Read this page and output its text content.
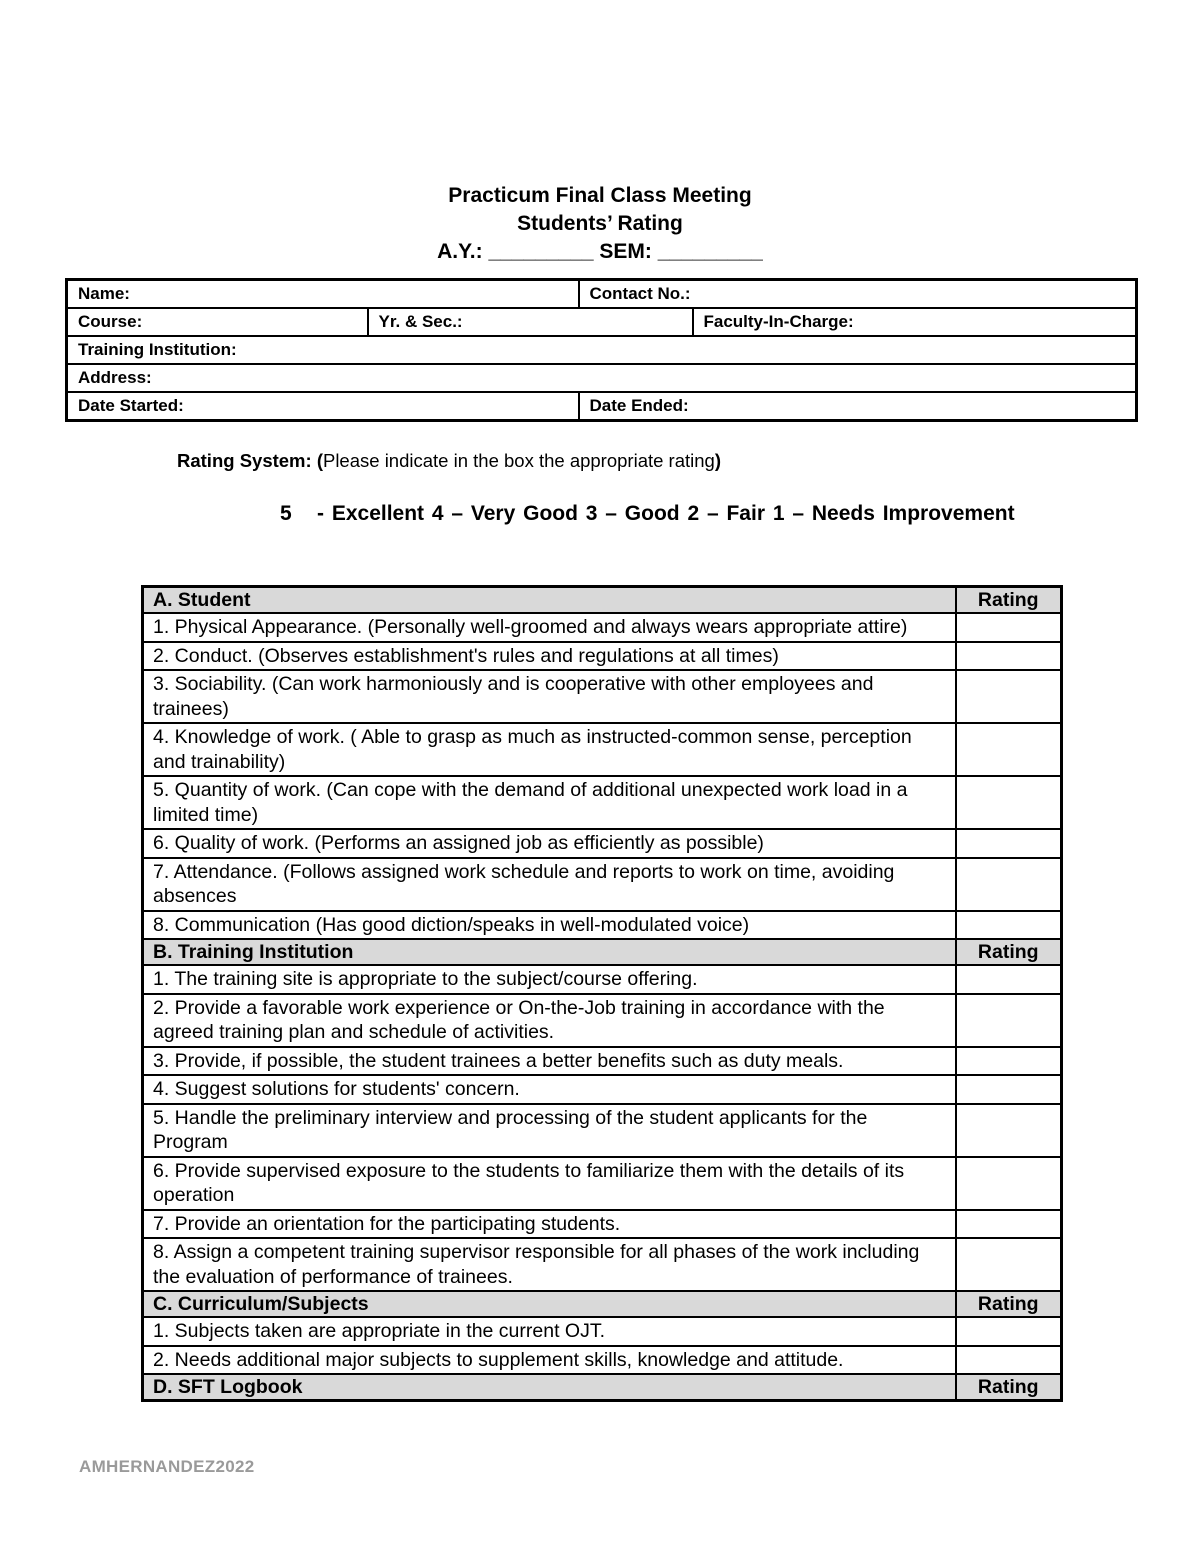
Practicum Final Class Meeting
Students’ Rating
A.Y.: _________ SEM: _________
Name:		Contact No.:	
Course:	Yr. & Sec.:		Faculty-In-Charge:
Training Institution:			
Address:			
Date Started:		Date Ended:	
Rating System: (Please indicate in the box the appropriate rating)
5	- Excellent 4 – Very Good 3 – Good 2 – Fair 1 – Needs Improvement
A. Student	Rating
1. Physical Appearance. (Personally well-groomed and always wears appropriate attire)	
2. Conduct. (Observes establishment's rules and regulations at all times)	
3. Sociability. (Can work harmoniously and is cooperative with other employees and trainees)	
4. Knowledge of work. ( Able to grasp as much as instructed-common sense, perception and trainability)	
5. Quantity of work. (Can cope with the demand of additional unexpected work load in a limited time)	
6. Quality of work. (Performs an assigned job as efficiently as possible)	
7. Attendance. (Follows assigned work schedule and reports to work on time, avoiding absences	
8. Communication (Has good diction/speaks in well-modulated voice)	
B. Training Institution	Rating
1. The training site is appropriate to the subject/course offering.	
2. Provide a favorable work experience or On-the-Job training in accordance with the agreed training plan and schedule of activities.	
3. Provide, if possible, the student trainees a better benefits such as duty meals.	
4. Suggest solutions for students' concern.	
5. Handle the preliminary interview and processing of the student applicants for the Program	
6. Provide supervised exposure to the students to familiarize them with the details of its operation	
7. Provide an orientation for the participating students.	
8. Assign a competent training supervisor responsible for all phases of the work including the evaluation of performance of trainees.	
C. Curriculum/Subjects	Rating
1. Subjects taken are appropriate in the current OJT.	
2. Needs additional major subjects to supplement skills, knowledge and attitude.	
D. SFT Logbook	Rating
AMHERNANDEZ2022
